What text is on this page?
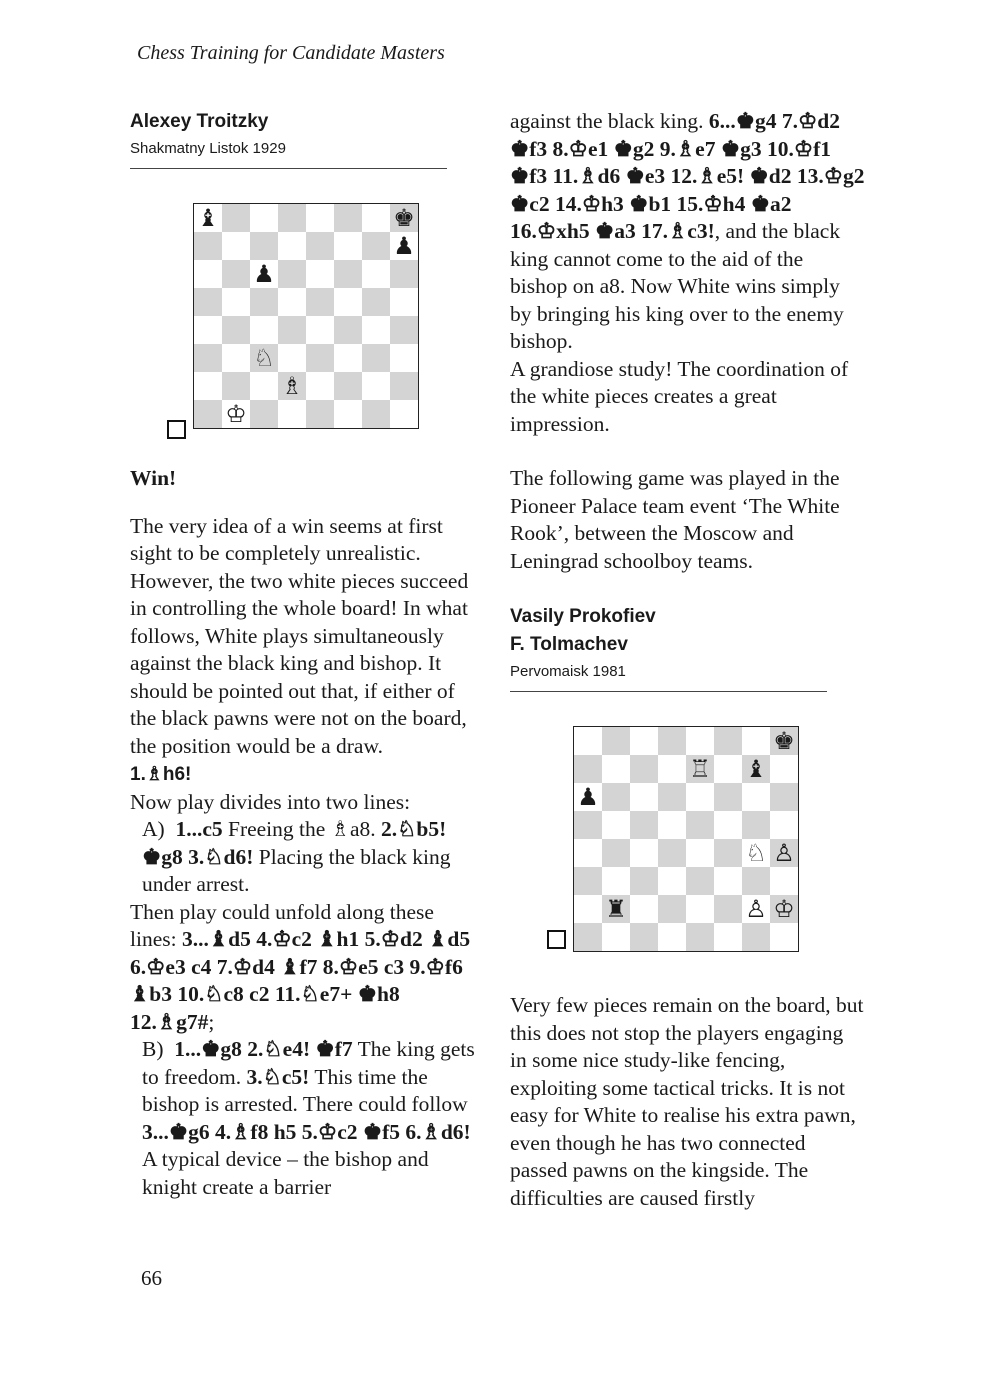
Chess Training for Candidate Masters
Alexey Troitzky
Shakmatny Listok 1929
♝	♚
♟
♟
♘
♗
♔

Win!

The very idea of a win seems at first sight to be completely unrealistic. However, the two white pieces succeed in controlling the whole board! In what follows, White plays simultaneously against the black king and bishop. It should be pointed out that, if either of the black pawns were not on the board, the position would be a draw.

1.♗h6!

Now play divides into two lines:

A) 1...c5 Freeing the ♗a8. 2.♘b5! ♚g8 3.♘d6! Placing the black king under arrest.

Then play could unfold along these lines: 3...♝d5 4.♔c2 ♝h1 5.♔d2 ♝d5 6.♔e3 c4 7.♔d4 ♝f7 8.♔e5 c3 9.♔f6 ♝b3 10.♘c8 c2 11.♘e7+ ♚h8 12.♗g7#;

B) 1...♚g8 2.♘e4! ♚f7 The king gets to freedom. 3.♘c5! This time the bishop is arrested. There could follow 3...♚g6 4.♗f8 h5 5.♔c2 ♚f5 6.♗d6! A typical device – the bishop and knight create a barrier

against the black king. 6...♚g4 7.♔d2 ♚f3 8.♔e1 ♚g2 9.♗e7 ♚g3 10.♔f1 ♚f3 11.♗d6 ♚e3 12.♗e5! ♚d2 13.♔g2 ♚c2 14.♔h3 ♚b1 15.♔h4 ♚a2 16.♔xh5 ♚a3 17.♗c3!, and the black king cannot come to the aid of the bishop on a8. Now White wins simply by bringing his king over to the enemy bishop.

A grandiose study! The coordination of the white pieces creates a great impression.

The following game was played in the Pioneer Palace team event ‘The White Rook’, between the Moscow and Leningrad schoolboy teams.

Vasily Prokofiev
F. Tolmachev
Pervomaisk 1981
♚
♖ ♝
♟
♘ ♙
♜	♙ ♔

Very few pieces remain on the board, but this does not stop the players engaging in some nice study-like fencing, exploiting some tactical tricks. It is not easy for White to realise his extra pawn, even though he has two connected passed pawns on the kingside. The difficulties are caused firstly

66
